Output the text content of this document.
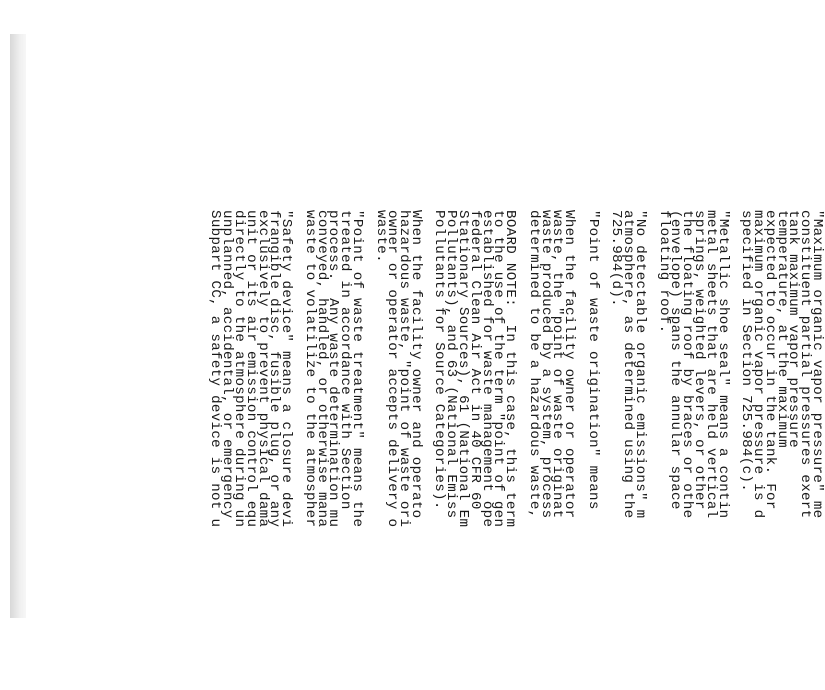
"Maximum organic vapor pressure" me
constituent partial pressures exert
tank maximum vapor pressure
temperature, at the maximum
expected to occur in the tank. For
maximum organic vapor pressure is d
specified in Section 725.984(c).
"Metallic shoe seal" means a contin
metal sheets that are held vertical
springs, weighted levers, or other
the floating roof by braces or othe
(envelope) spans the annular space
floating roof.
"No detectable organic emissions" m
atmosphere, as determined using the
725.984(d).
"Point of waste origination" means
When the facility owner or operator
waste, the "point of waste originat
waste produced by a system, process
determined to be a hazardous waste,
BOARD NOTE:  In this case, this term
to the use of the term "point of gen
established for waste management ope
federal Clean Air Act in 40 CFR 60
Stationary Sources), 61 (National Em
Pollutants), and 63 (National Emiss
Pollutants for Source Categories).
When the facility owner and operato
hazardous waste, "point of waste ori
owner or operator accepts delivery o
waste.
"Point of waste treatment" means the
treated in accordance with Section
process.  Any waste determination mu
conveyed, handled, or otherwise mana
waste to volatilize to the atmospher
"Safety device" means a closure devi
frangible disc, fusible plug, or any
exclusively to prevent physical dama
unit or its air emission control equ
directly to the atmosphere during un
unplanned, accidental, or emergency
Subpart CC, a safety device is not u
